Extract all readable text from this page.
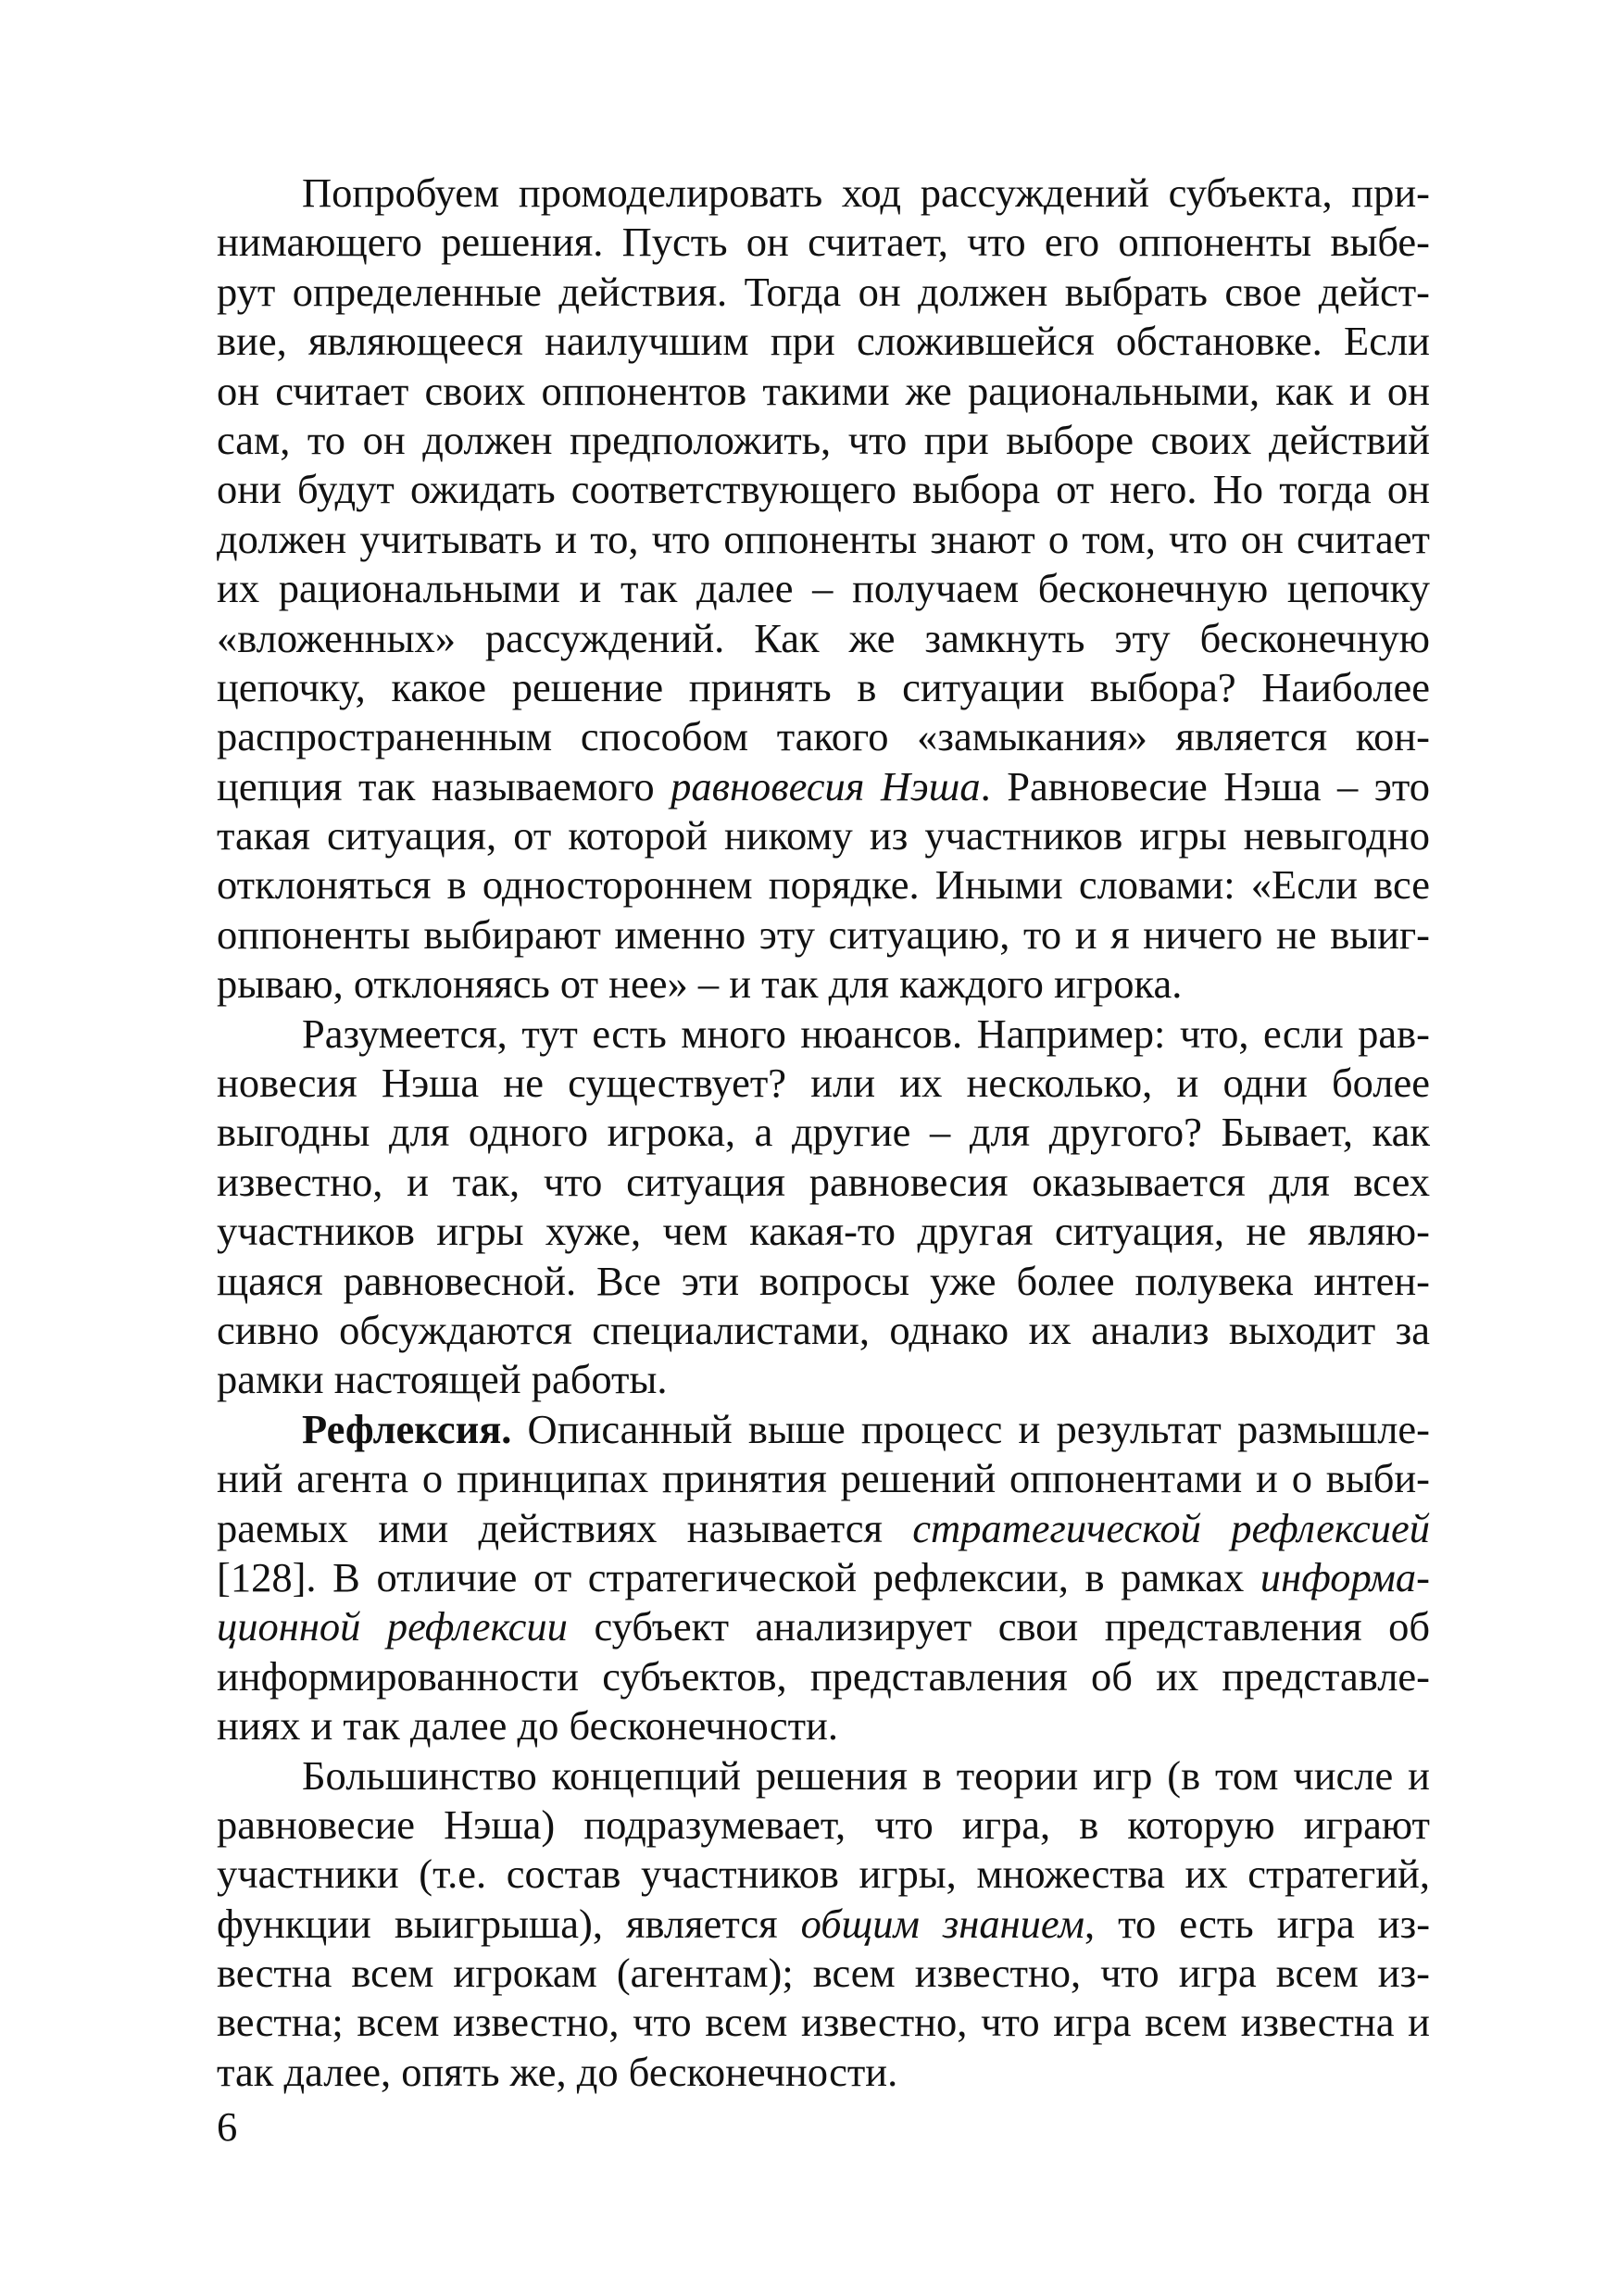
Попробуем промоделировать ход рассуждений субъекта, при-
нимающего решения. Пусть он считает, что его оппоненты выбе-
рут определенные действия. Тогда он должен выбрать свое дейст-
вие, являющееся наилучшим при сложившейся обстановке. Если
он считает своих оппонентов такими же рациональными, как и он
сам, то он должен предположить, что при выборе своих действий
они будут ожидать соответствующего выбора от него. Но тогда он
должен учитывать и то, что оппоненты знают о том, что он считает
их рациональными и так далее – получаем бесконечную цепочку
«вложенных» рассуждений. Как же замкнуть эту бесконечную
цепочку, какое решение принять в ситуации выбора? Наиболее
распространенным способом такого «замыкания» является кон-
цепция так называемого равновесия Нэша. Равновесие Нэша – это
такая ситуация, от которой никому из участников игры невыгодно
отклоняться в одностороннем порядке. Иными словами: «Если все
оппоненты выбирают именно эту ситуацию, то и я ничего не выиг-
рываю, отклоняясь от нее» – и так для каждого игрока.
Разумеется, тут есть много нюансов. Например: что, если рав-
новесия Нэша не существует? или их несколько, и одни более
выгодны для одного игрока, а другие – для другого? Бывает, как
известно, и так, что ситуация равновесия оказывается для всех
участников игры хуже, чем какая-то другая ситуация, не являю-
щаяся равновесной. Все эти вопросы уже более полувека интен-
сивно обсуждаются специалистами, однако их анализ выходит за
рамки настоящей работы.
Рефлексия. Описанный выше процесс и результат размышле-
ний агента о принципах принятия решений оппонентами и о выби-
раемых ими действиях называется стратегической рефлексией
[128]. В отличие от стратегической рефлексии, в рамках информа-
ционной рефлексии субъект анализирует свои представления об
информированности субъектов, представления об их представле-
ниях и так далее до бесконечности.
Большинство концепций решения в теории игр (в том числе и
равновесие Нэша) подразумевает, что игра, в которую играют
участники (т.е. состав участников игры, множества их стратегий,
функции выигрыша), является общим знанием, то есть игра из-
вестна всем игрокам (агентам); всем известно, что игра всем из-
вестна; всем известно, что всем известно, что игра всем известна и
так далее, опять же, до бесконечности.
6
